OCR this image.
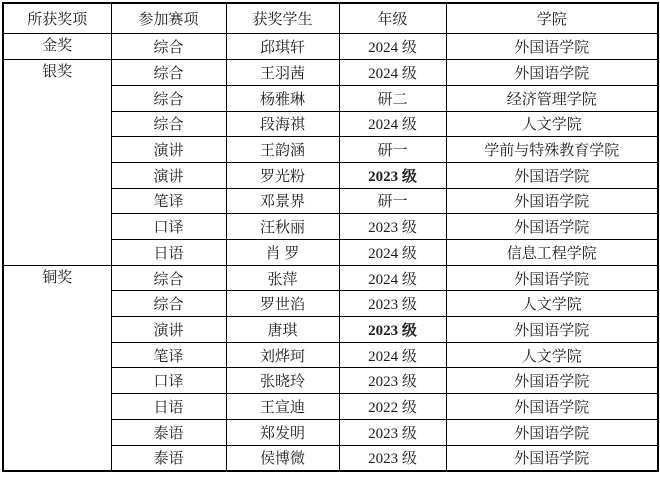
所获奖项	参加赛项	获奖学生	年级	学院
金奖	综合	邱琪轩	2024 级	外国语学院
银奖	综合	王羽茜	2024 级	外国语学院
	综合	杨雅琳	研二	经济管理学院
	综合	段海祺	2024 级	人文学院
	演讲	王韵涵	研一	学前与特殊教育学院
	演讲	罗光粉	2023 级	外国语学院
	笔译	邓景界	研一	外国语学院
	口译	汪秋丽	2023 级	外国语学院
	日语	肖 罗	2024 级	信息工程学院
铜奖	综合	张萍	2024 级	外国语学院
	综合	罗世淊	2023 级	人文学院
	演讲	唐琪	2023 级	外国语学院
	笔译	刘烨珂	2024 级	人文学院
	口译	张晓玲	2023 级	外国语学院
	日语	王宣迪	2022 级	外国语学院
	泰语	郑发明	2023 级	外国语学院
	泰语	侯博微	2023 级	外国语学院
